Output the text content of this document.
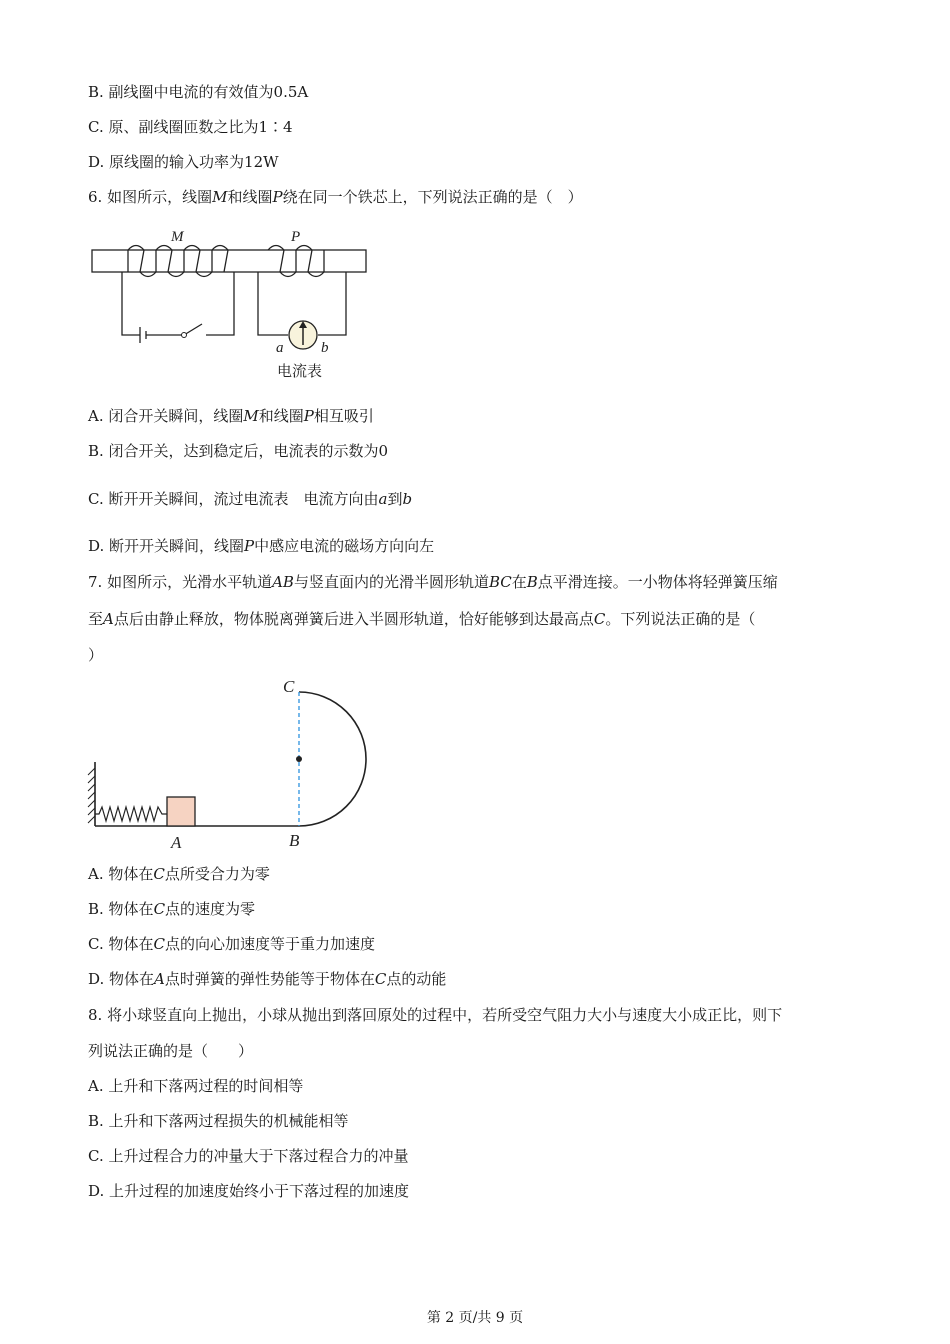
B. 副线圈中电流的有效值为0.5A
C. 原、副线圈匝数之比为1∶4
D. 原线圈的输入功率为12W
6. 如图所示，线圈M和线圈P绕在同一个铁芯上，下列说法正确的是（　）
M	P
a	b
电流表
A. 闭合开关瞬间，线圈M和线圈P相互吸引
B. 闭合开关，达到稳定后，电流表的示数为0
C. 断开开关瞬间，流过电流表　电流方向由a到b
D. 断开开关瞬间，线圈P中感应电流的磁场方向向左
7. 如图所示，光滑水平轨道AB与竖直面内的光滑半圆形轨道BC在B点平滑连接。一小物体将轻弹簧压缩
至A点后由静止释放，物体脱离弹簧后进入半圆形轨道，恰好能够到达最高点C。下列说法正确的是（
）
C
A	B
A. 物体在C点所受合力为零
B. 物体在C点的速度为零
C. 物体在C点的向心加速度等于重力加速度
D. 物体在A点时弹簧的弹性势能等于物体在C点的动能
8. 将小球竖直向上抛出，小球从抛出到落回原处的过程中，若所受空气阻力大小与速度大小成正比，则下
列说法正确的是（　　）
A. 上升和下落两过程的时间相等
B. 上升和下落两过程损失的机械能相等
C. 上升过程合力的冲量大于下落过程合力的冲量
D. 上升过程的加速度始终小于下落过程的加速度
第 2 页/共 9 页
